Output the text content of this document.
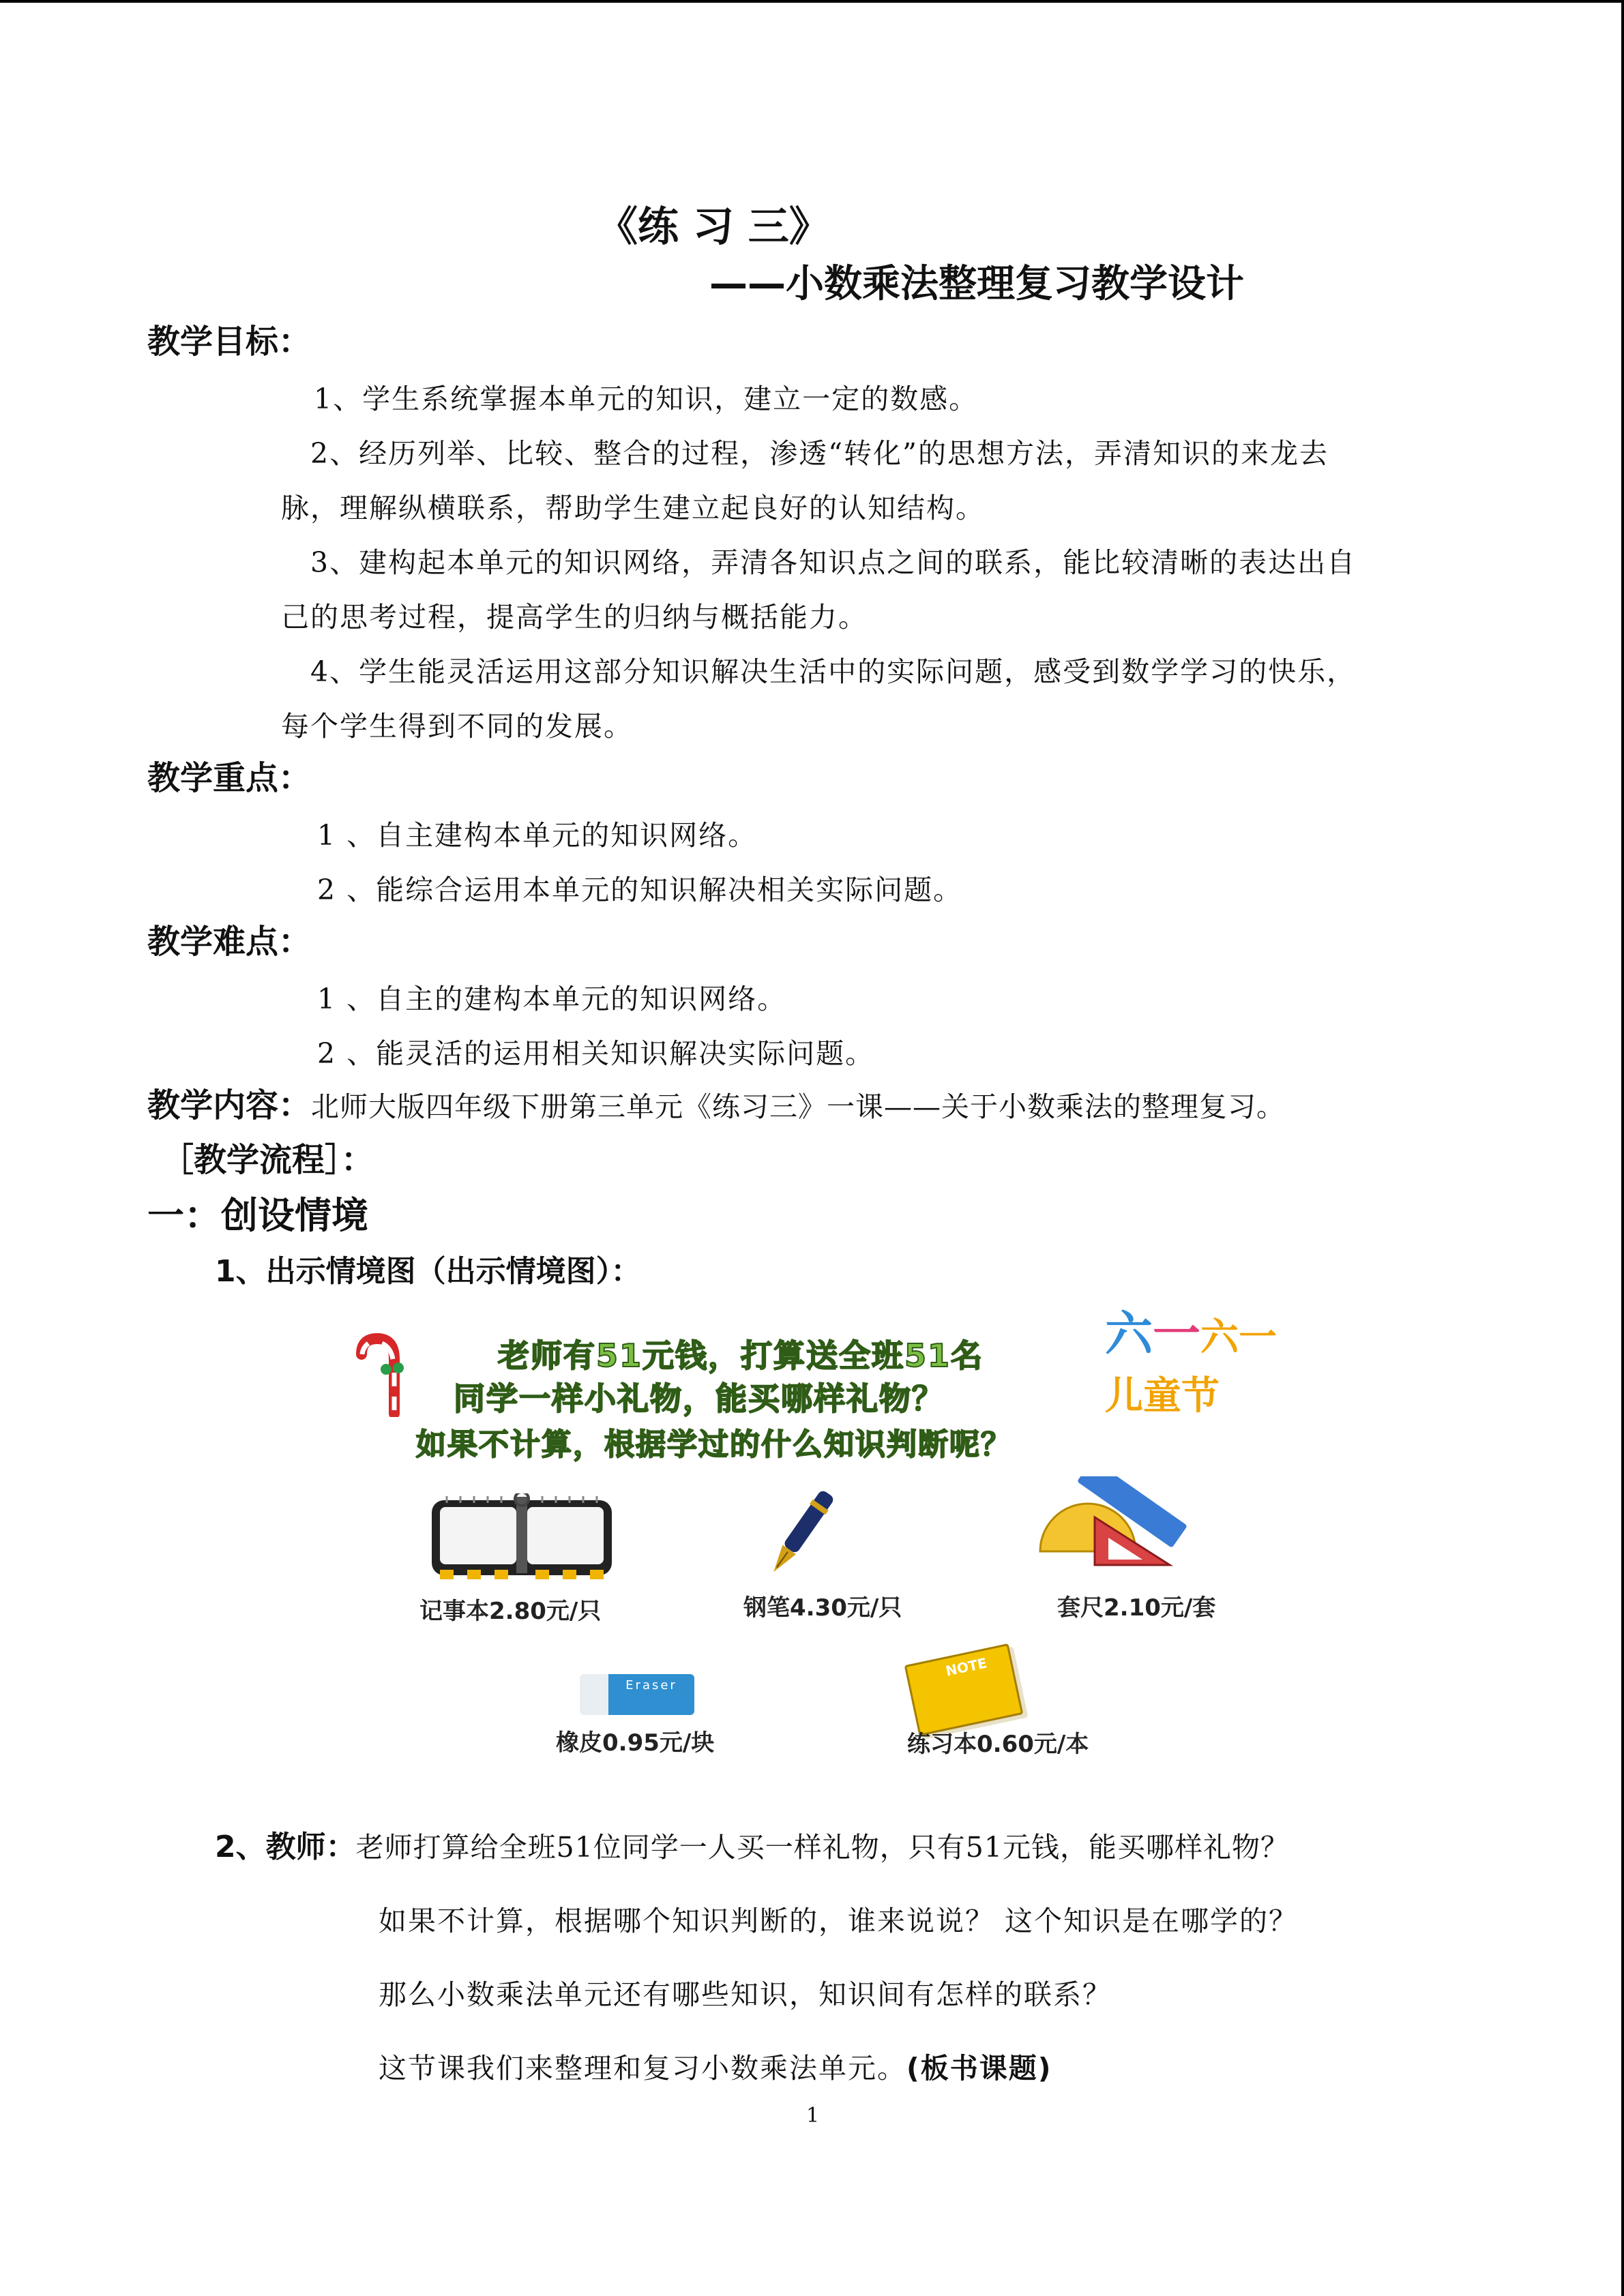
《练 习 三》
——小数乘法整理复习教学设计
教学目标：
1、学生系统掌握本单元的知识，建立一定的数感。
2、经历列举、比较、整合的过程，渗透“转化”的思想方法，弄清知识的来龙去
脉，理解纵横联系，帮助学生建立起良好的认知结构。
3、建构起本单元的知识网络，弄清各知识点之间的联系，能比较清晰的表达出自
己的思考过程，提高学生的归纳与概括能力。
4、学生能灵活运用这部分知识解决生活中的实际问题，感受到数学学习的快乐，
每个学生得到不同的发展。
教学重点：
1 、自主建构本单元的知识网络。
2 、能综合运用本单元的知识解决相关实际问题。
教学难点：
1 、自主的建构本单元的知识网络。
2 、能灵活的运用相关知识解决实际问题。
教学内容：北师大版四年级下册第三单元《练习三》一课——关于小数乘法的整理复习。
［教学流程］：
一：创设情境
1、出示情境图（出示情境图）：
六一六一儿童节
老师有51元钱，打算送全班51名
同学一样小礼物，能买哪样礼物？
如果不计算，根据学过的什么知识判断呢？
记事本2.80元/只	钢笔4.30元/只	套尺2.10元/套
Eraser
橡皮0.95元/块
NOTE
练习本0.60元/本
2、教师：老师打算给全班51位同学一人买一样礼物，只有51元钱，能买哪样礼物？
如果不计算，根据哪个知识判断的，谁来说说？ 这个知识是在哪学的？
那么小数乘法单元还有哪些知识，知识间有怎样的联系？
这节课我们来整理和复习小数乘法单元。(板书课题)
1
